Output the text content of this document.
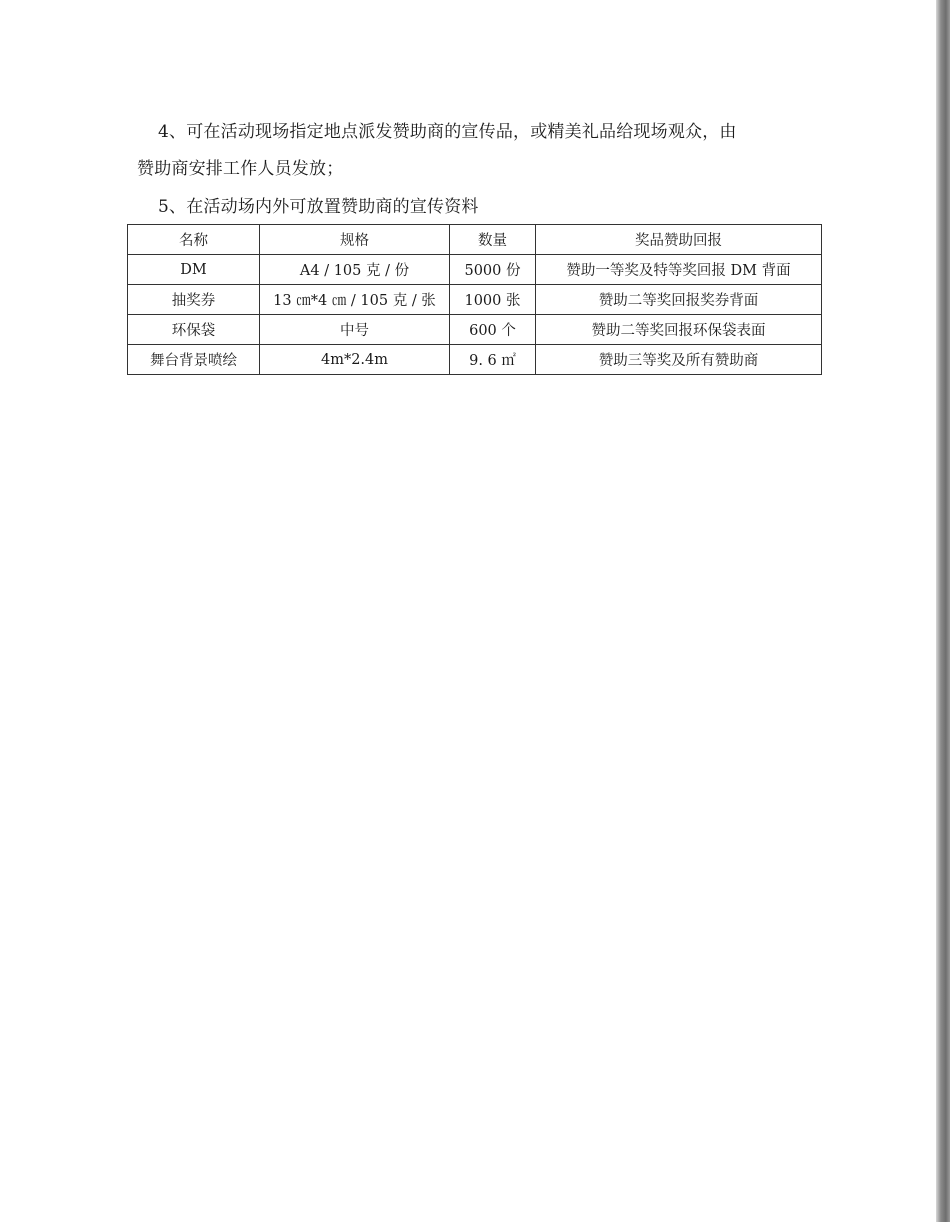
4、可在活动现场指定地点派发赞助商的宣传品，或精美礼品给现场观众，由
赞助商安排工作人员发放；
5、在活动场内外可放置赞助商的宣传资料
名称	规格	数量	奖品赞助回报
DM	A4 / 105 克 / 份	5000 份	赞助一等奖及特等奖回报 DM 背面
抽奖券	13 ㎝*4 ㎝ / 105 克 / 张	1000 张	赞助二等奖回报奖券背面
环保袋	中号	600 个	赞助二等奖回报环保袋表面
舞台背景喷绘	4m*2.4m	9. 6 ㎡	赞助三等奖及所有赞助商
